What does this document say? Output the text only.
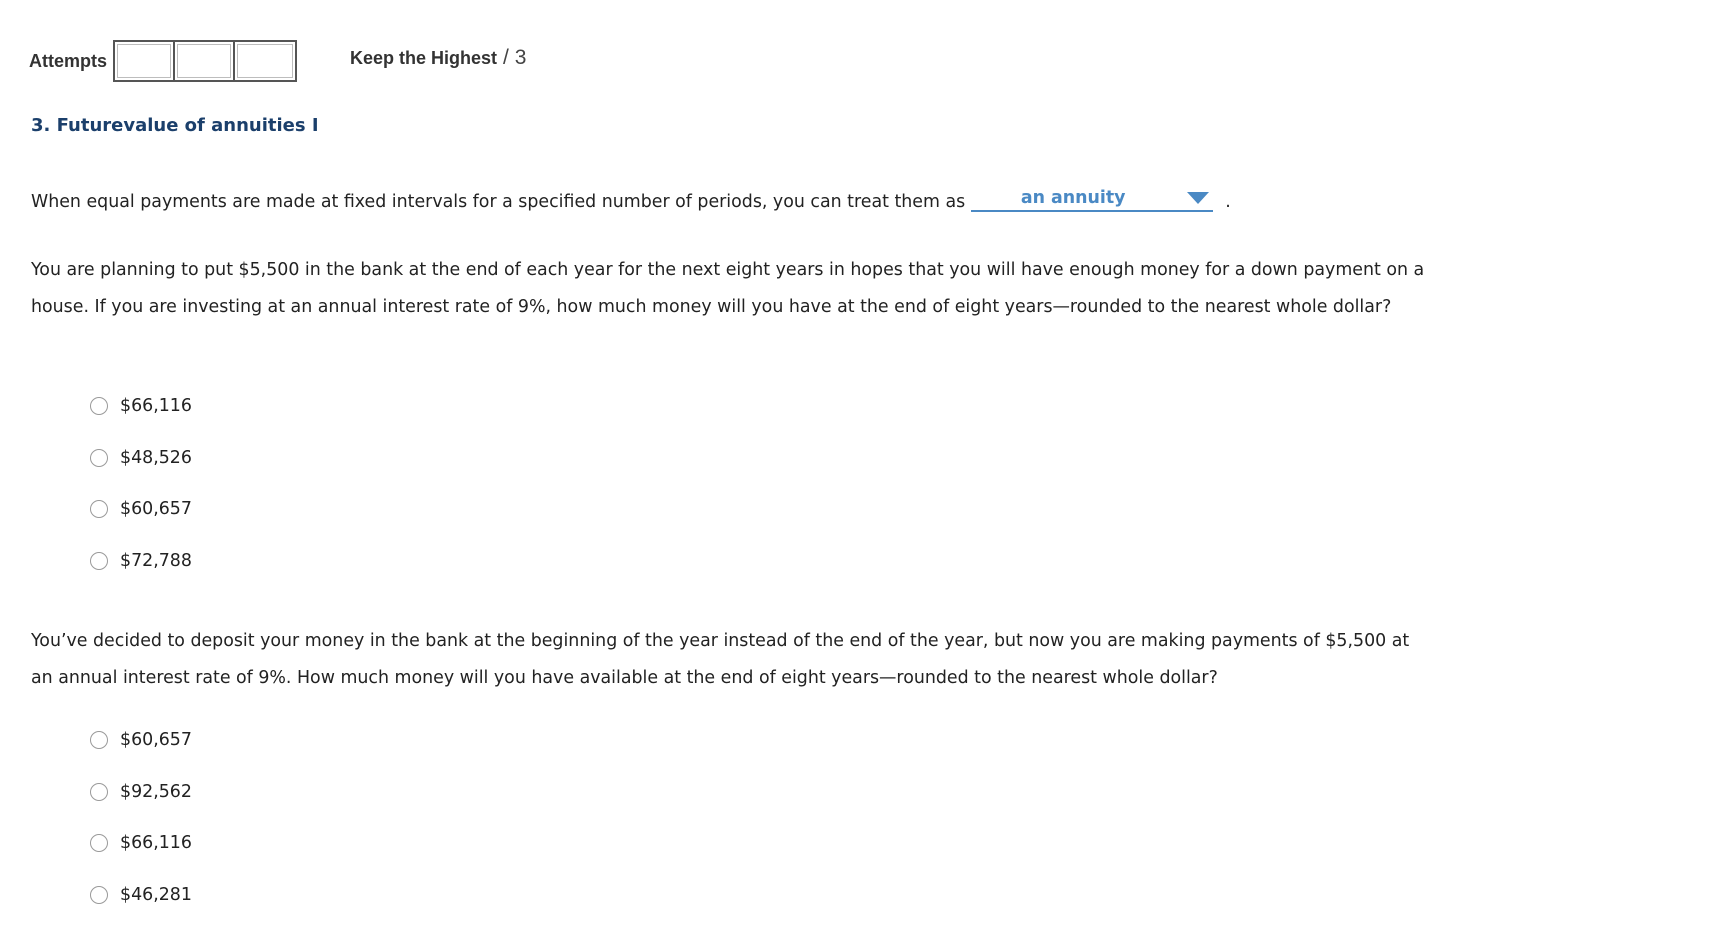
Attempts	Keep the Highest / 3
3. Futurevalue of annuities I
When equal payments are made at fixed intervals for a specified number of periods, you can treat them as	an annuity	.
You are planning to put $5,500 in the bank at the end of each year for the next eight years in hopes that you will have enough money for a down payment on a house. If you are investing at an annual interest rate of 9%, how much money will you have at the end of eight years—rounded to the nearest whole dollar?
$66,116
$48,526
$60,657
$72,788
You’ve decided to deposit your money in the bank at the beginning of the year instead of the end of the year, but now you are making payments of $5,500 at an annual interest rate of 9%. How much money will you have available at the end of eight years—rounded to the nearest whole dollar?
$60,657
$92,562
$66,116
$46,281
